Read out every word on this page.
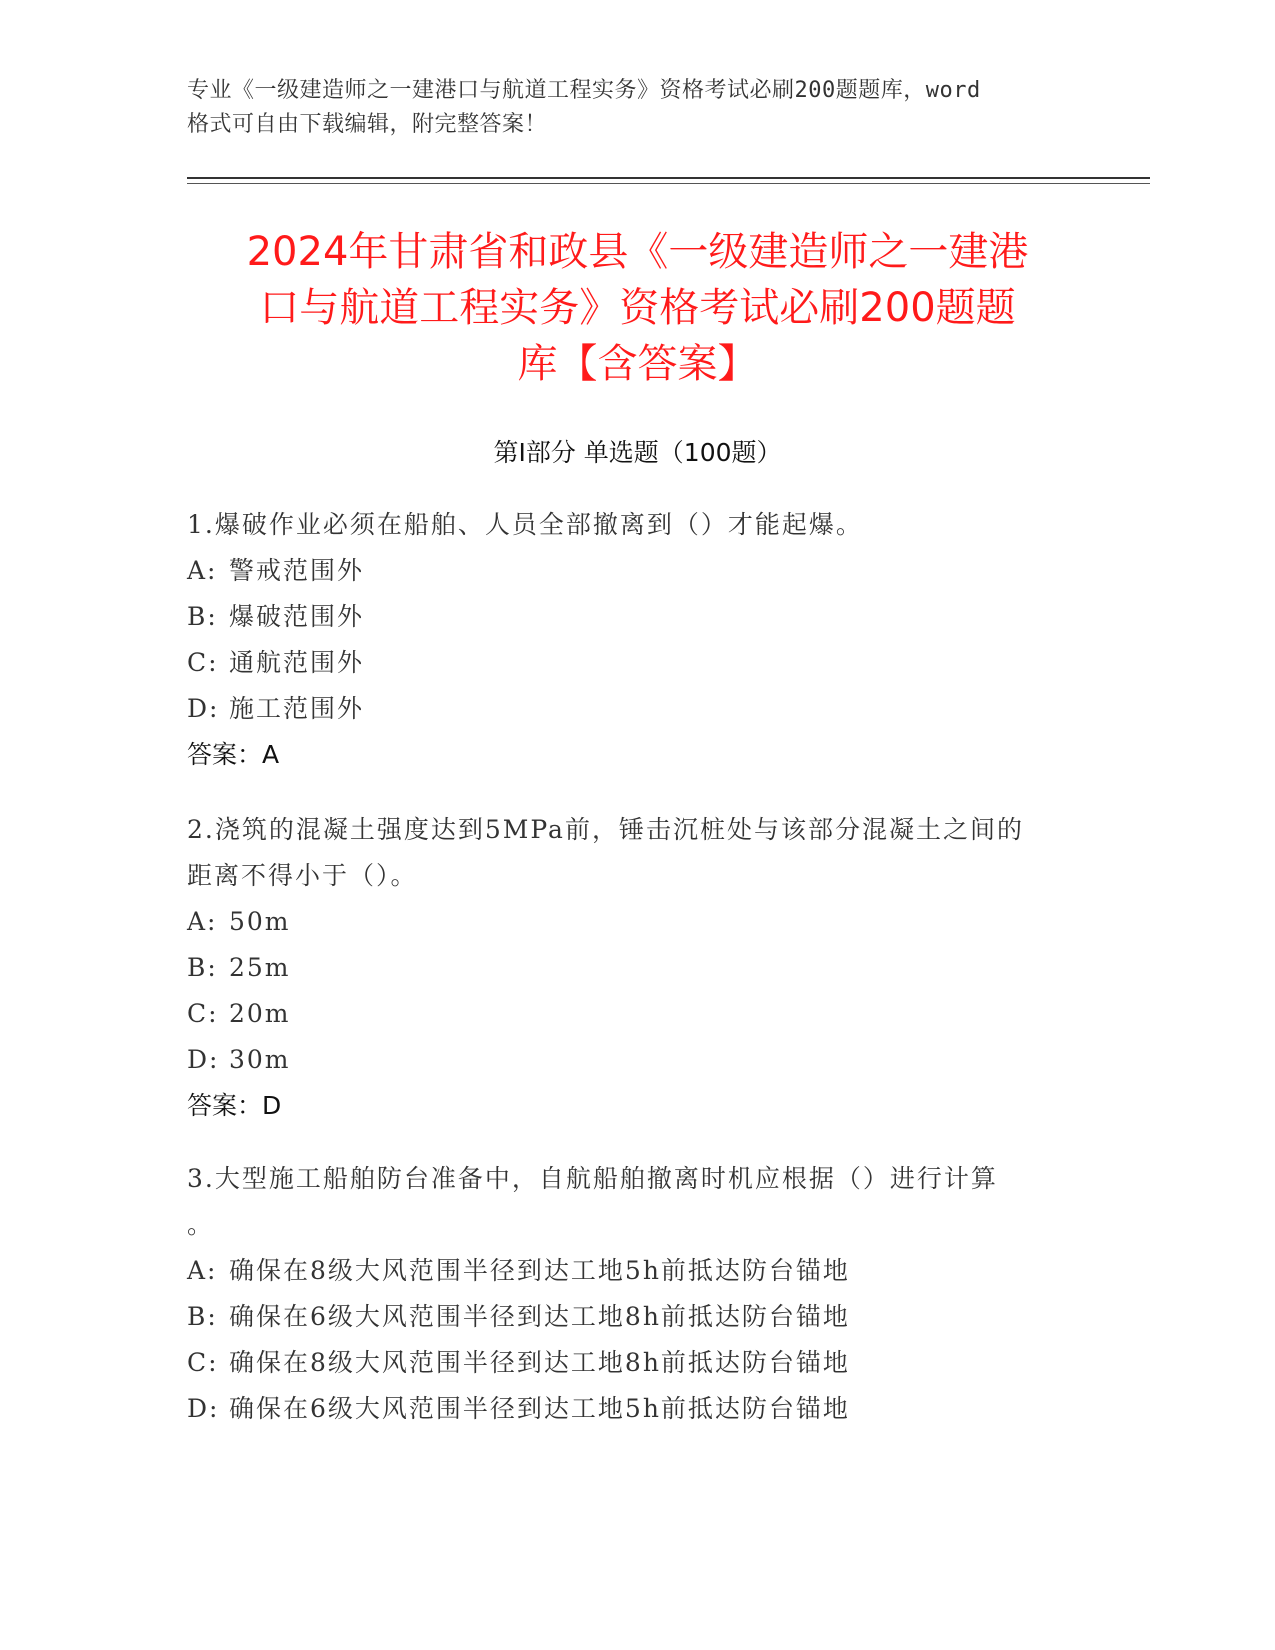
专业《一级建造师之一建港口与航道工程实务》资格考试必刷200题题库，word
格式可自由下载编辑，附完整答案！
2024年甘肃省和政县《一级建造师之一建港
口与航道工程实务》资格考试必刷200题题
库【含答案】
第Ⅰ部分 单选题（100题）

1.爆破作业必须在船舶、人员全部撤离到（）才能起爆。

A: 警戒范围外

B: 爆破范围外

C: 通航范围外

D: 施工范围外

答案：A

2.浇筑的混凝土强度达到5MPa前，锤击沉桩处与该部分混凝土之间的

距离不得小于（）。

A: 50m

B: 25m

C: 20m

D: 30m

答案：D

3.大型施工船舶防台准备中，自航船舶撤离时机应根据（）进行计算

。

A: 确保在8级大风范围半径到达工地5h前抵达防台锚地

B: 确保在6级大风范围半径到达工地8h前抵达防台锚地

C: 确保在8级大风范围半径到达工地8h前抵达防台锚地

D: 确保在6级大风范围半径到达工地5h前抵达防台锚地
